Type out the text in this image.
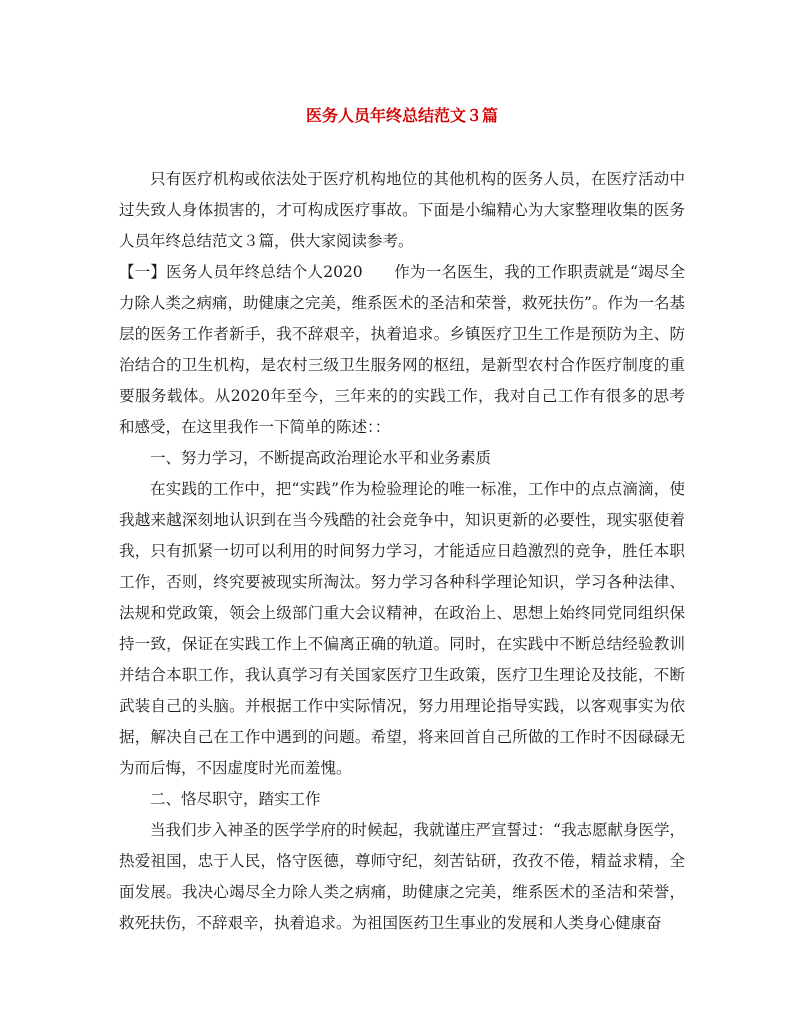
医务人员年终总结范文３篇

只有医疗机构或依法处于医疗机构地位的其他机构的医务人员，在医疗活动中过失致人身体损害的，才可构成医疗事故。下面是小编精心为大家整理收集的医务人员年终总结范文３篇，供大家阅读参考。

【一】医务人员年终总结个人2020　　作为一名医生，我的工作职责就是“竭尽全力除人类之病痛，助健康之完美，维系医术的圣洁和荣誉，救死扶伤”。作为一名基层的医务工作者新手，我不辞艰辛，执着追求。乡镇医疗卫生工作是预防为主、防治结合的卫生机构，是农村三级卫生服务网的枢纽，是新型农村合作医疗制度的重要服务载体。从2020年至今，三年来的的实践工作，我对自己工作有很多的思考和感受，在这里我作一下简单的陈述：：

一、努力学习，不断提高政治理论水平和业务素质

在实践的工作中，把“实践”作为检验理论的唯一标准，工作中的点点滴滴，使我越来越深刻地认识到在当今残酷的社会竞争中，知识更新的必要性，现实驱使着我，只有抓紧一切可以利用的时间努力学习，才能适应日趋激烈的竞争，胜任本职工作，否则，终究要被现实所淘汰。努力学习各种科学理论知识，学习各种法律、法规和党政策，领会上级部门重大会议精神，在政治上、思想上始终同党同组织保持一致，保证在实践工作上不偏离正确的轨道。同时，在实践中不断总结经验教训并结合本职工作，我认真学习有关国家医疗卫生政策，医疗卫生理论及技能，不断武装自己的头脑。并根据工作中实际情况，努力用理论指导实践，以客观事实为依据，解决自己在工作中遇到的问题。希望，将来回首自己所做的工作时不因碌碌无为而后悔，不因虚度时光而羞愧。

二、恪尽职守，踏实工作

当我们步入神圣的医学学府的时候起，我就谨庄严宣誓过：“我志愿献身医学，热爱祖国，忠于人民，恪守医德，尊师守纪，刻苦钻研，孜孜不倦，精益求精，全面发展。我决心竭尽全力除人类之病痛，助健康之完美，维系医术的圣洁和荣誉，救死扶伤，不辞艰辛，执着追求。为祖国医药卫生事业的发展和人类身心健康奋
